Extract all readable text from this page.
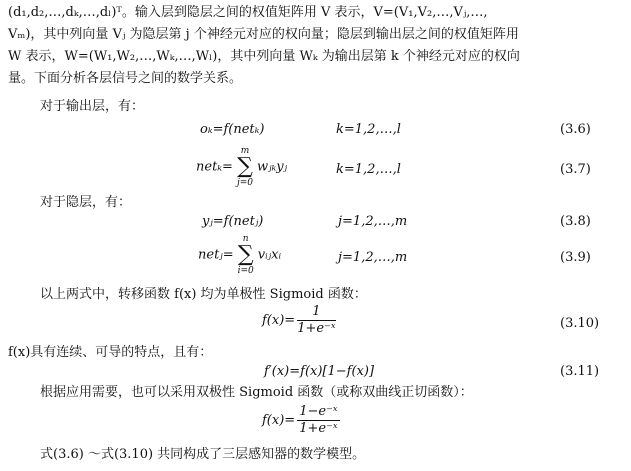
(d₁,d₂,…,dₖ,…,dₗ)ᵀ。输入层到隐层之间的权值矩阵用 V 表示，V=(V₁,V₂,…,Vⱼ,…,
Vₘ)，其中列向量 Vⱼ 为隐层第 j 个神经元对应的权向量；隐层到输出层之间的权值矩阵用
W 表示，W=(W₁,W₂,…,Wₖ,…,Wₗ)，其中列向量 Wₖ 为输出层第 k 个神经元对应的权向
量。下面分析各层信号之间的数学关系。
对于输出层，有：
oₖ=f(netₖ)	k=1,2,…,l	(3.6)
netₖ=
m
∑
j=0
wⱼₖyⱼ	k=1,2,…,l	(3.7)
对于隐层，有：
yⱼ=f(netⱼ)	j=1,2,…,m	(3.8)
netⱼ=
n
∑
i=0
vᵢⱼxᵢ	j=1,2,…,m	(3.9)
以上两式中，转移函数 f(x) 均为单极性 Sigmoid 函数：
$f(x)= \frac{1}{\text{1+e⁻ˣ}}$	(3.10)
f(x)具有连续、可导的特点，且有：
f′(x)=f(x)[1−f(x)]	(3.11)
根据应用需要，也可以采用双极性 Sigmoid 函数（或称双曲线正切函数）：
$f(x)= \frac{\text{1−e⁻ˣ}}{\text{1+e⁻ˣ}}$
式(3.6) ～式(3.10) 共同构成了三层感知器的数学模型。
